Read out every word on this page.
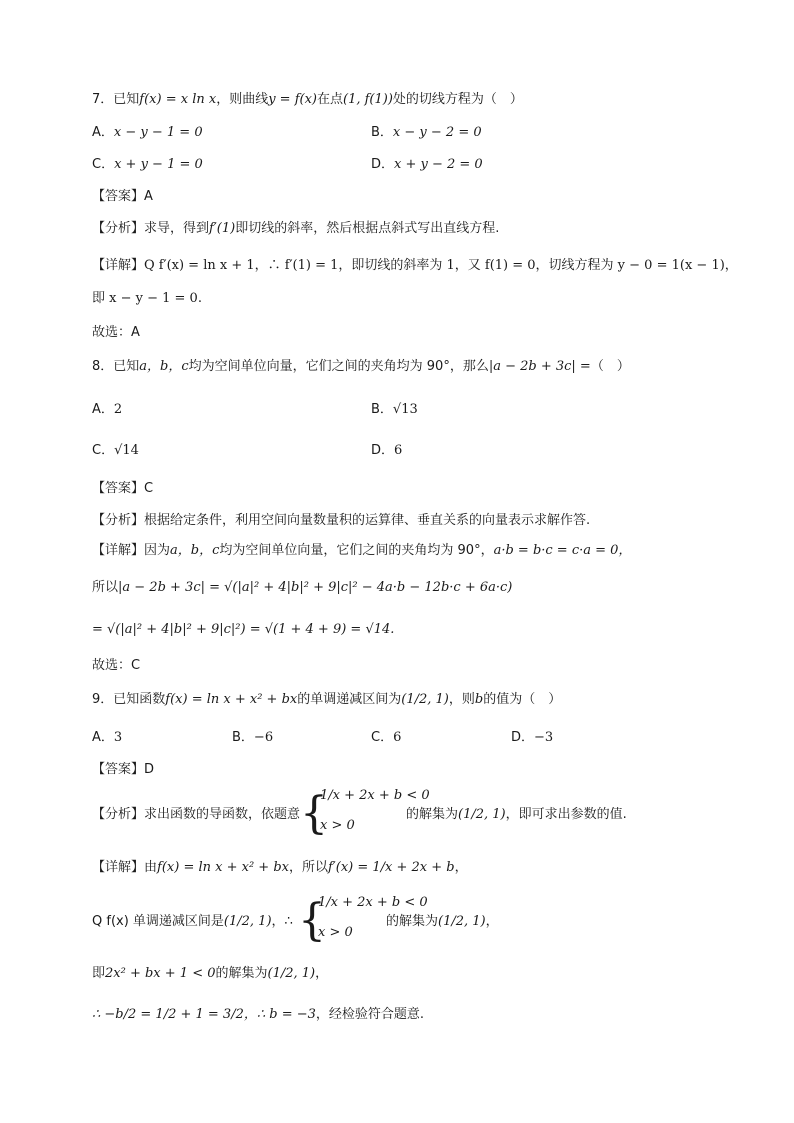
7．已知f(x) = x ln x，则曲线y = f(x)在点(1, f(1))处的切线方程为（　）
A．x − y − 1 = 0	B．x − y − 2 = 0
C．x + y − 1 = 0	D．x + y − 2 = 0
【答案】A
【分析】求导，得到f′(1)即切线的斜率，然后根据点斜式写出直线方程.
【详解】Q f′(x) = ln x + 1，∴ f′(1) = 1，即切线的斜率为 1，又 f(1) = 0，切线方程为 y − 0 = 1(x − 1)，
即 x − y − 1 = 0.
故选：A
8．已知a，b，c均为空间单位向量，它们之间的夹角均为 90°，那么|a − 2b + 3c| =（　）
A．2	B．√13
C．√14	D．6
【答案】C
【分析】根据给定条件，利用空间向量数量积的运算律、垂直关系的向量表示求解作答.
【详解】因为a，b，c均为空间单位向量，它们之间的夹角均为 90°，a·b = b·c = c·a = 0，
所以|a − 2b + 3c| = √(|a|² + 4|b|² + 9|c|² − 4a·b − 12b·c + 6a·c)
= √(|a|² + 4|b|² + 9|c|²) = √(1 + 4 + 9) = √14.
故选：C
9．已知函数f(x) = ln x + x² + bx的单调递减区间为(1/2, 1)，则b的值为（　）
A．3	B．−6	C．6	D．−3
【答案】D
【分析】求出函数的导函数，依题意 {
1/x + 2x + b < 0
x > 0
的解集为(1/2, 1)，即可求出参数的值.
【详解】由f(x) = ln x + x² + bx，所以f′(x) = 1/x + 2x + b，
Q f(x) 单调递减区间是(1/2, 1)，∴ {
1/x + 2x + b < 0
x > 0
的解集为(1/2, 1)，
即2x² + bx + 1 < 0的解集为(1/2, 1)，
∴ −b/2 = 1/2 + 1 = 3/2，∴ b = −3，经检验符合题意.
